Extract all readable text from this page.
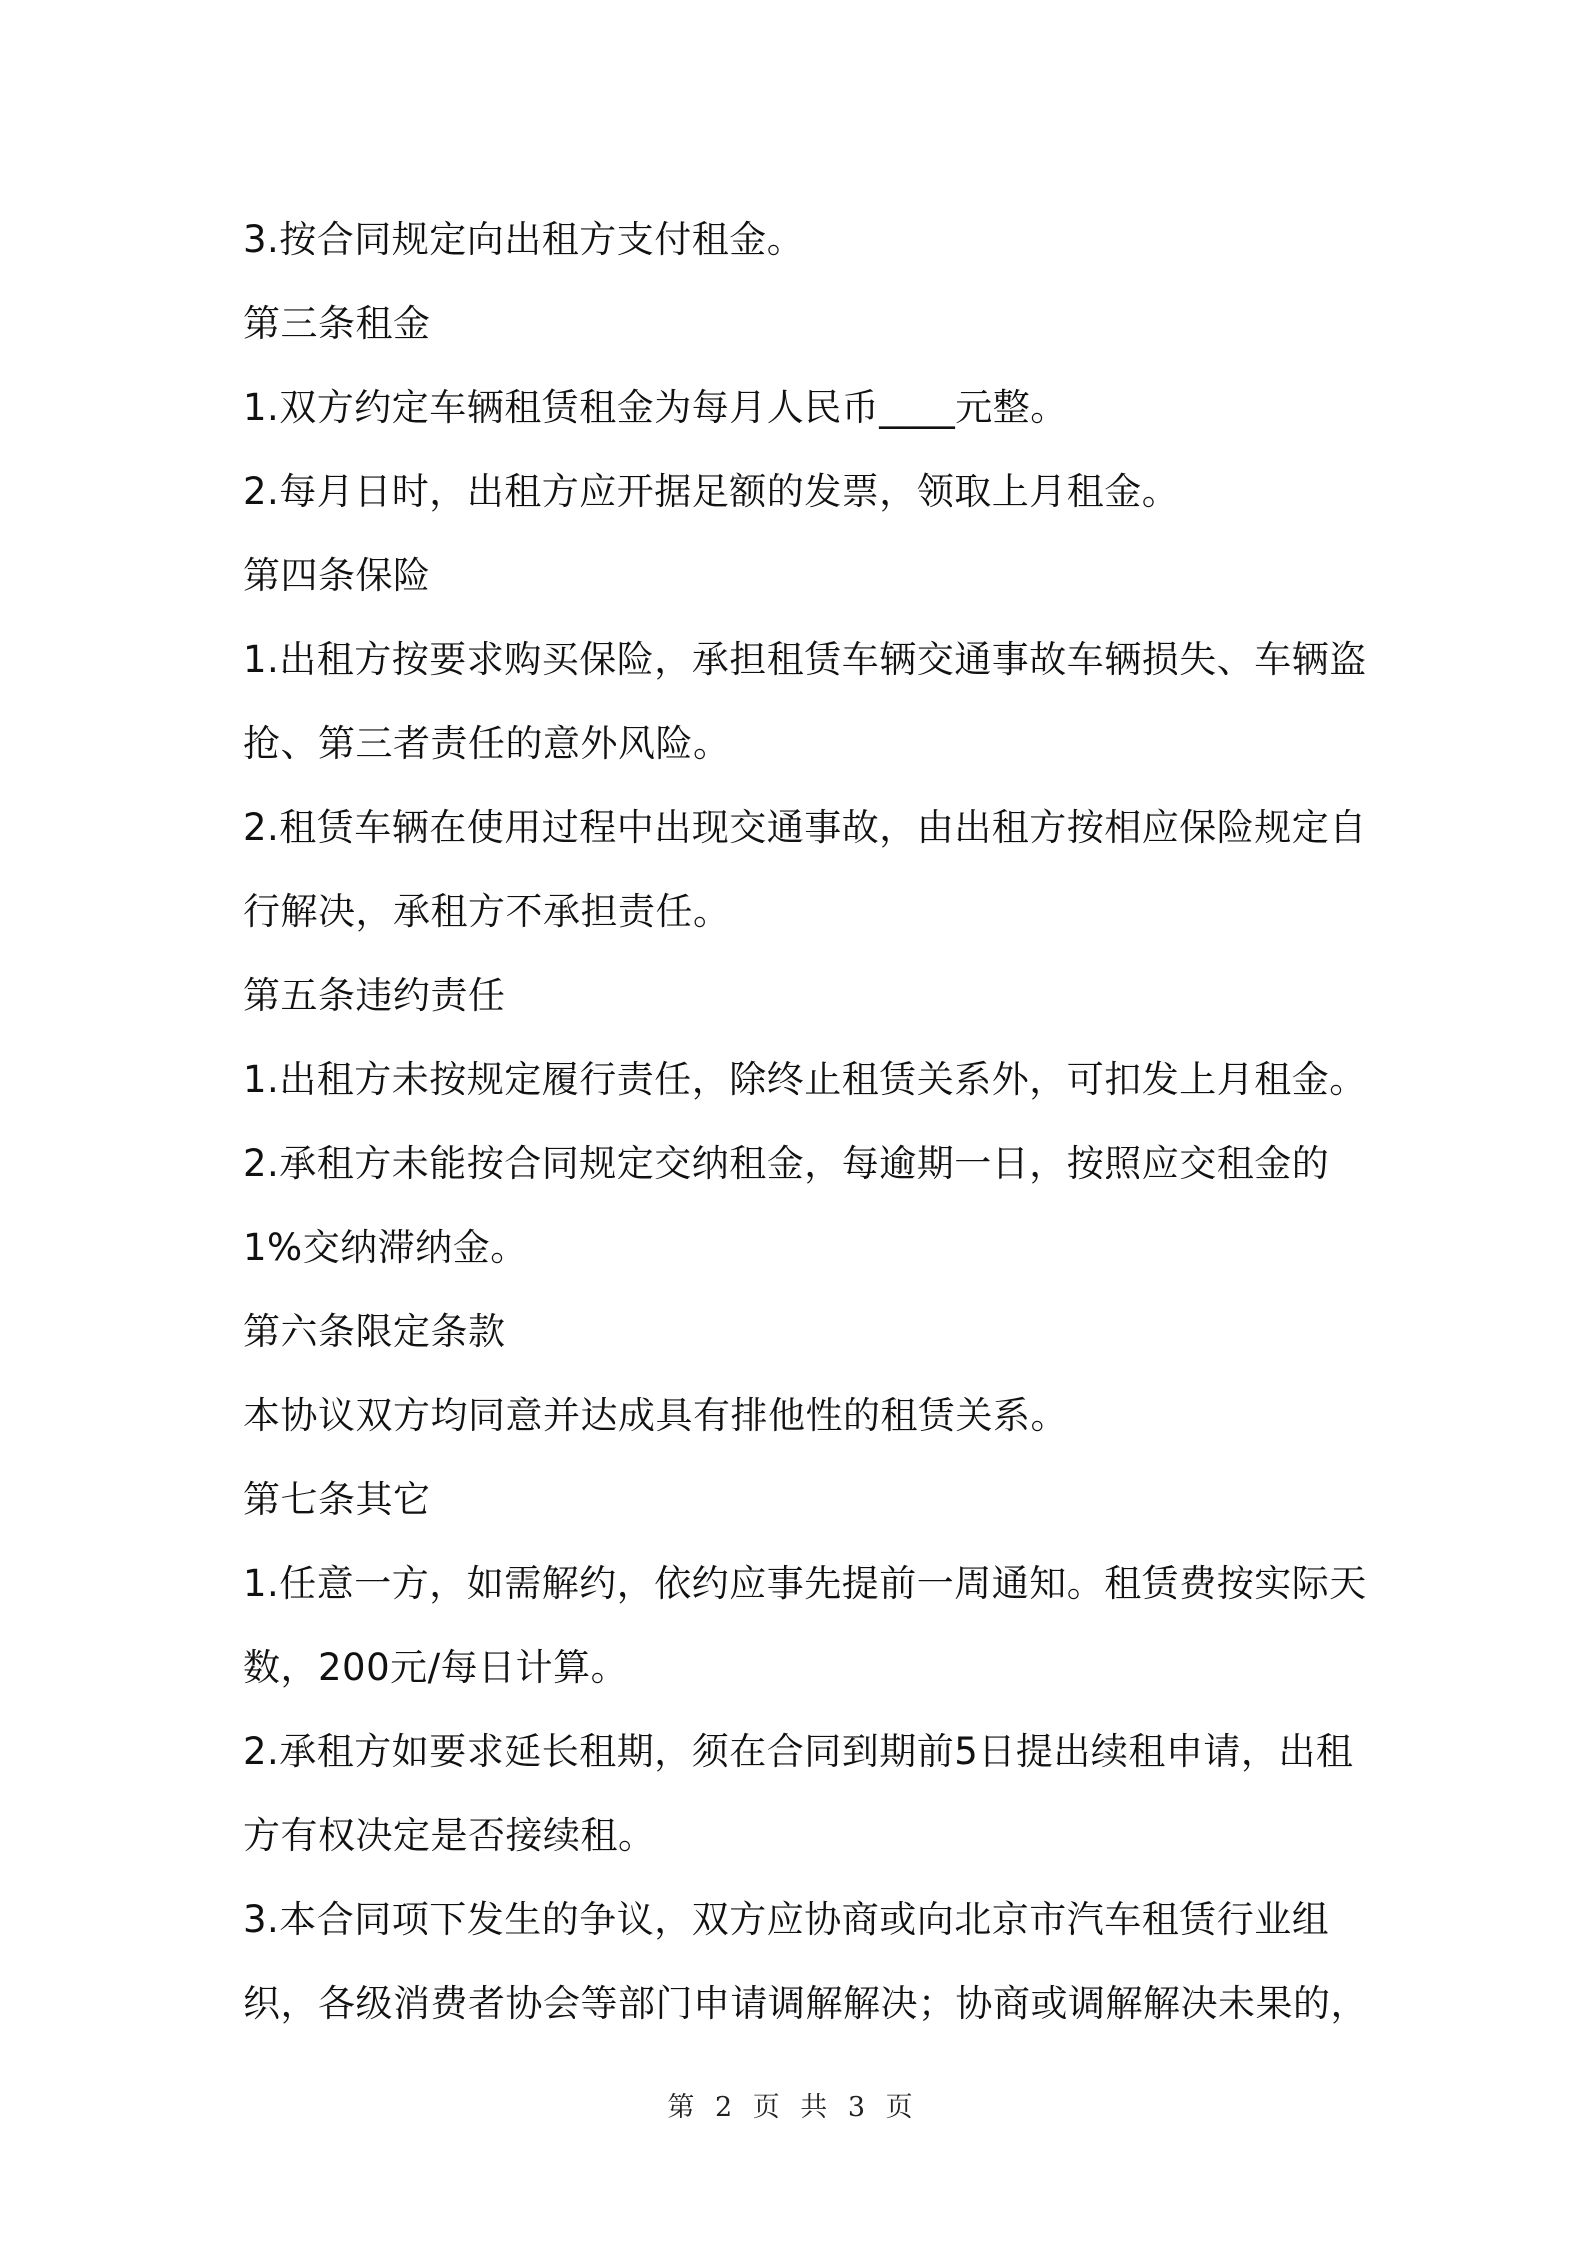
3.按合同规定向出租方支付租金。
第三条租金
1.双方约定车辆租赁租金为每月人民币____元整。
2.每月日时，出租方应开据足额的发票，领取上月租金。
第四条保险
1.出租方按要求购买保险，承担租赁车辆交通事故车辆损失、车辆盗
抢、第三者责任的意外风险。
2.租赁车辆在使用过程中出现交通事故，由出租方按相应保险规定自
行解决，承租方不承担责任。
第五条违约责任
1.出租方未按规定履行责任，除终止租赁关系外，可扣发上月租金。
2.承租方未能按合同规定交纳租金，每逾期一日，按照应交租金的
1%交纳滞纳金。
第六条限定条款
本协议双方均同意并达成具有排他性的租赁关系。
第七条其它
1.任意一方，如需解约，依约应事先提前一周通知。租赁费按实际天
数，200元/每日计算。
2.承租方如要求延长租期，须在合同到期前5日提出续租申请，出租
方有权决定是否接续租。
3.本合同项下发生的争议，双方应协商或向北京市汽车租赁行业组
织，各级消费者协会等部门申请调解解决；协商或调解解决未果的，
第 2 页 共 3 页
